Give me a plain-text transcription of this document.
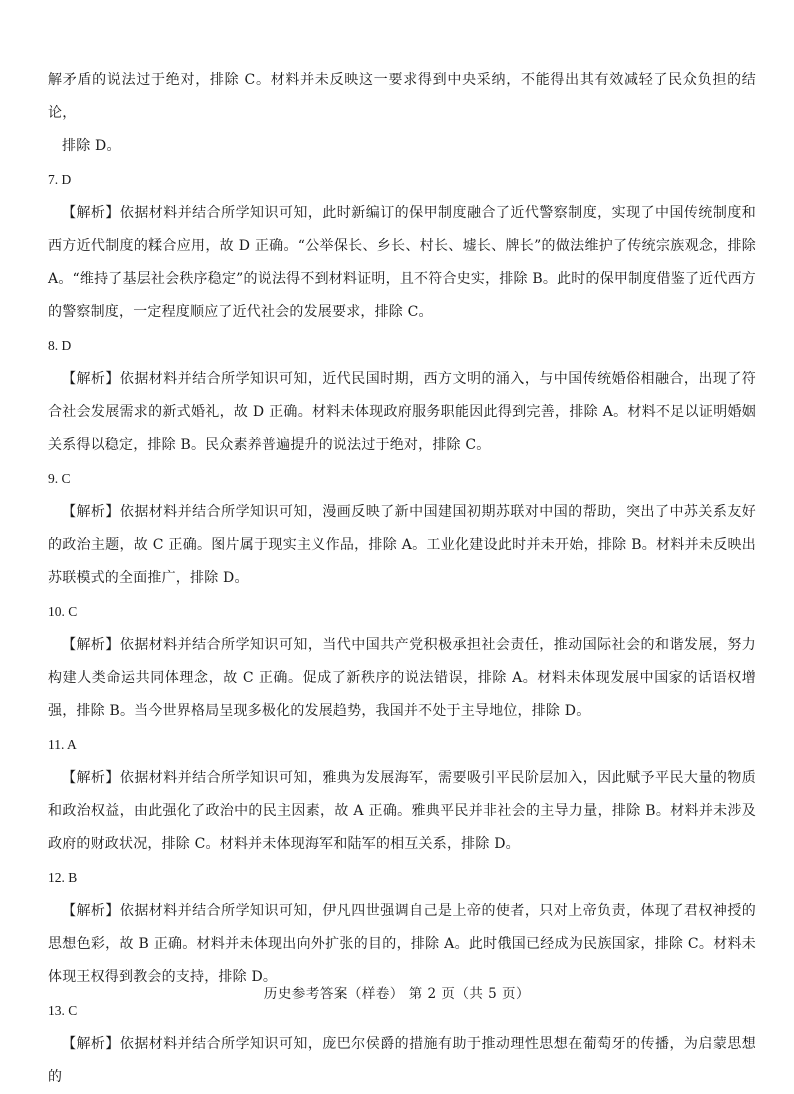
解矛盾的说法过于绝对，排除 C。材料并未反映这一要求得到中央采纳，不能得出其有效减轻了民众负担的结论，

排除 D。

7. D

【解析】依据材料并结合所学知识可知，此时新编订的保甲制度融合了近代警察制度，实现了中国传统制度和西方近代制度的糅合应用，故 D 正确。“公举保长、乡长、村长、墟长、牌长”的做法维护了传统宗族观念，排除 A。“维持了基层社会秩序稳定”的说法得不到材料证明，且不符合史实，排除 B。此时的保甲制度借鉴了近代西方的警察制度，一定程度顺应了近代社会的发展要求，排除 C。

8. D

【解析】依据材料并结合所学知识可知，近代民国时期，西方文明的涌入，与中国传统婚俗相融合，出现了符合社会发展需求的新式婚礼，故 D 正确。材料未体现政府服务职能因此得到完善，排除 A。材料不足以证明婚姻关系得以稳定，排除 B。民众素养普遍提升的说法过于绝对，排除 C。

9. C

【解析】依据材料并结合所学知识可知，漫画反映了新中国建国初期苏联对中国的帮助，突出了中苏关系友好的政治主题，故 C 正确。图片属于现实主义作品，排除 A。工业化建设此时并未开始，排除 B。材料并未反映出苏联模式的全面推广，排除 D。

10. C

【解析】依据材料并结合所学知识可知，当代中国共产党积极承担社会责任，推动国际社会的和谐发展，努力构建人类命运共同体理念，故 C 正确。促成了新秩序的说法错误，排除 A。材料未体现发展中国家的话语权增强，排除 B。当今世界格局呈现多极化的发展趋势，我国并不处于主导地位，排除 D。

11. A

【解析】依据材料并结合所学知识可知，雅典为发展海军，需要吸引平民阶层加入，因此赋予平民大量的物质和政治权益，由此强化了政治中的民主因素，故 A 正确。雅典平民并非社会的主导力量，排除 B。材料并未涉及政府的财政状况，排除 C。材料并未体现海军和陆军的相互关系，排除 D。

12. B

【解析】依据材料并结合所学知识可知，伊凡四世强调自己是上帝的使者，只对上帝负责，体现了君权神授的思想色彩，故 B 正确。材料并未体现出向外扩张的目的，排除 A。此时俄国已经成为民族国家，排除 C。材料未体现王权得到教会的支持，排除 D。

13. C

【解析】依据材料并结合所学知识可知，庞巴尔侯爵的措施有助于推动理性思想在葡萄牙的传播，为启蒙思想的

历史参考答案（样卷） 第 2 页（共 5 页）
